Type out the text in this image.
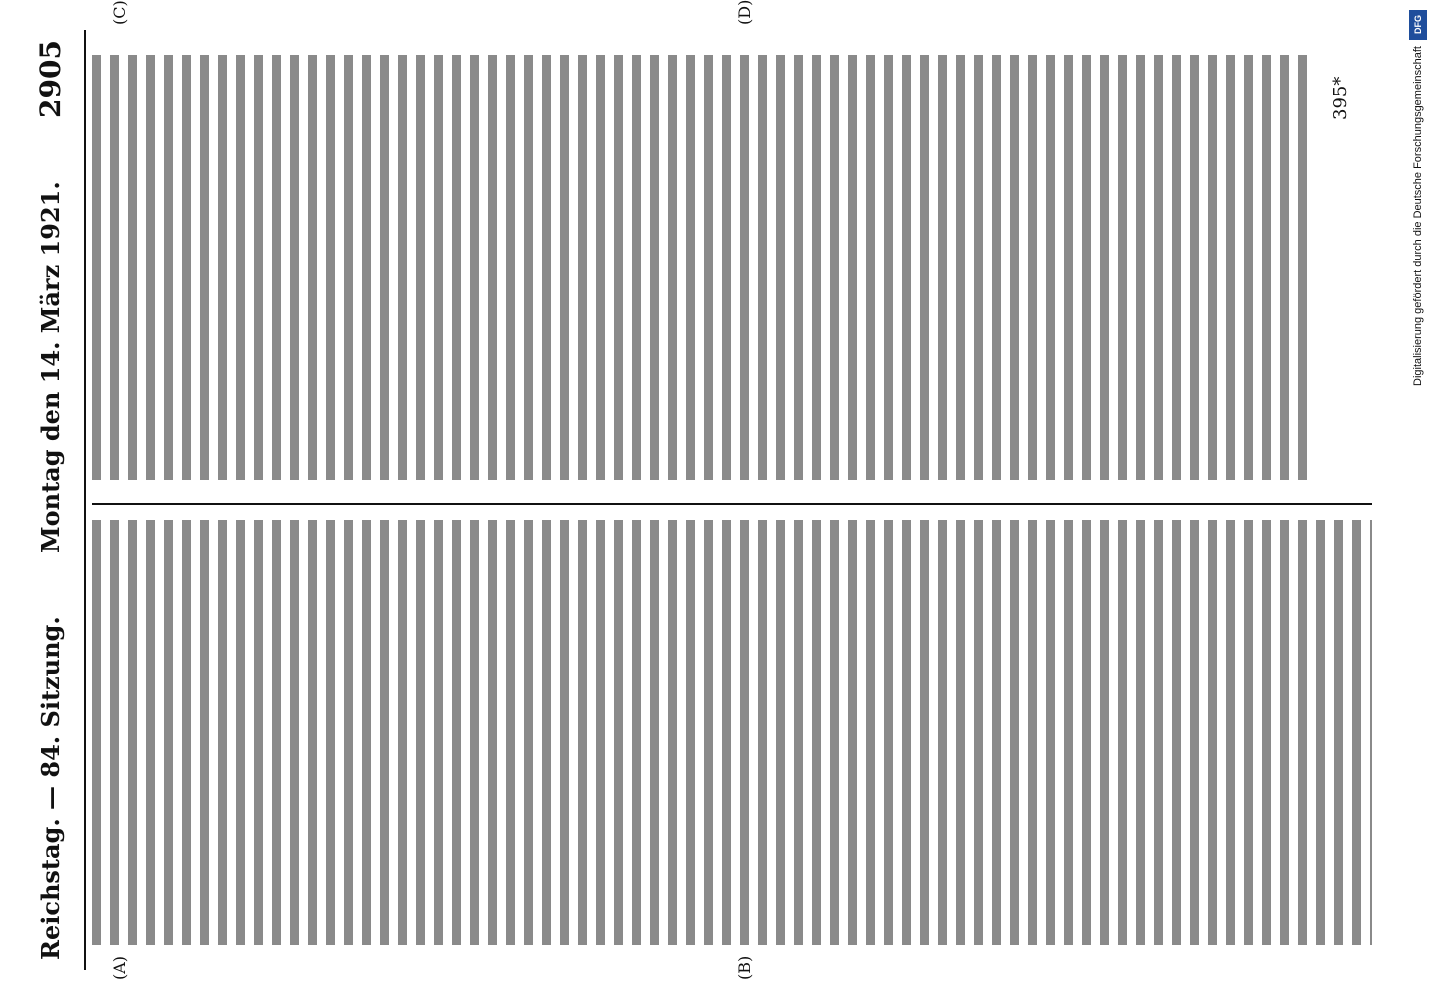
Reichstag. — 84. Sitzung.
Montag den 14. März 1921.
2905
(A)	(B)
(C)	(D)
395*
DFG
Digitalisierung gefördert durch die Deutsche Forschungsgemeinschaft
